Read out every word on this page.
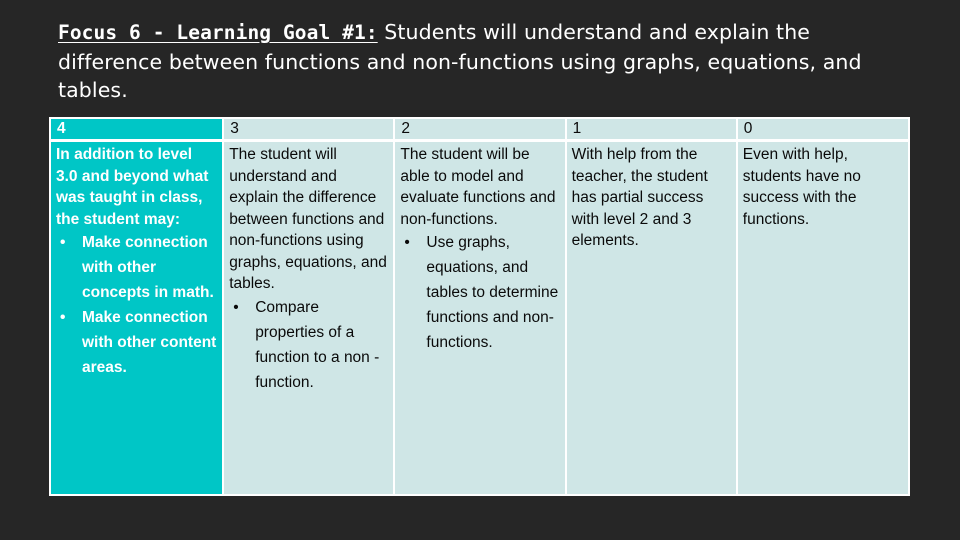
Focus 6 - Learning Goal #1: Students will understand and explain the difference between functions and non-functions using graphs, equations, and tables.
4

In addition to level 3.0 and beyond what was taught in class, the student may:

• Make connection with other concepts in math.
• Make connection with other content areas.
3

The student will understand and explain the difference between functions and non-functions using graphs, equations, and tables.

• Compare properties of a function to a non -function.
2

The student will be able to model and evaluate functions and non-functions.

• Use graphs, equations, and tables to determine functions and non-functions.
1

With help from the teacher, the student has partial success with level 2 and 3 elements.

0

Even with help, students have no success with the functions.
